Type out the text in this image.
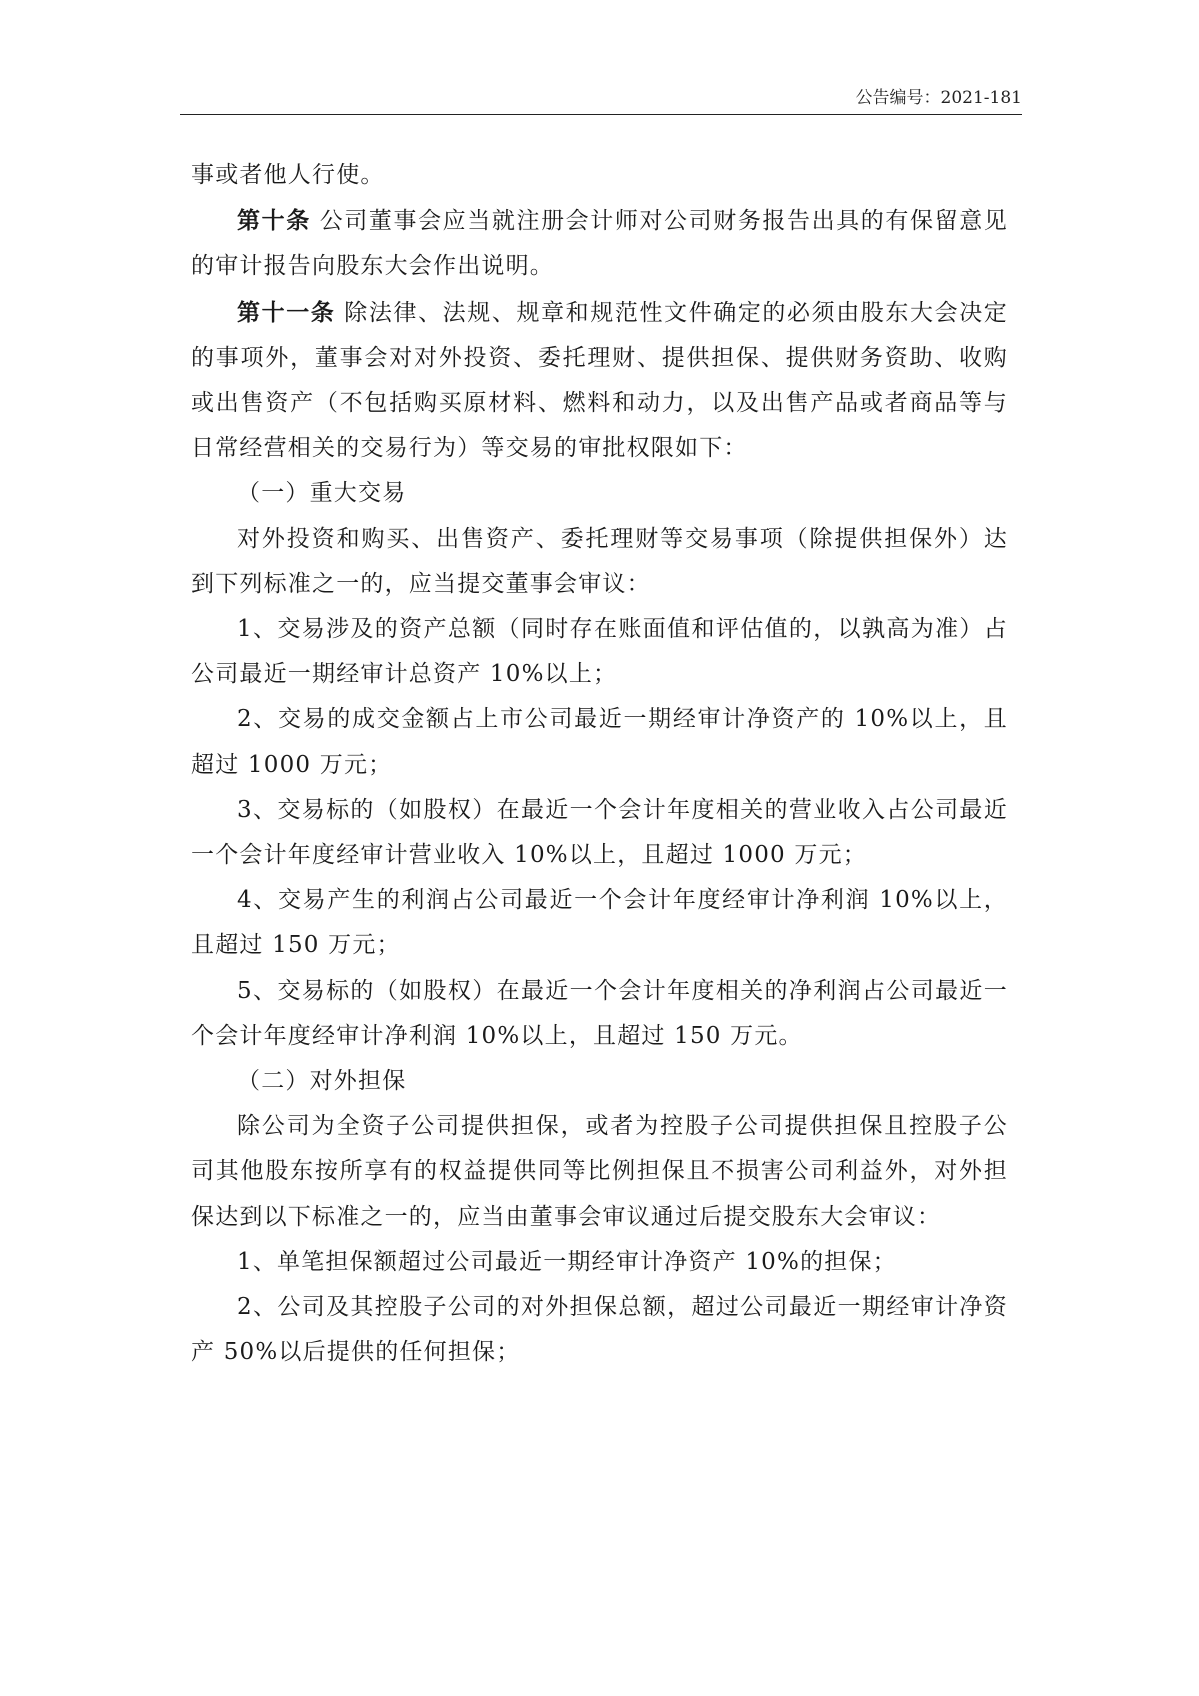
公告编号：2021-181

事或者他人行使。

第十条 公司董事会应当就注册会计师对公司财务报告出具的有保留意见的审计报告向股东大会作出说明。

第十一条 除法律、法规、规章和规范性文件确定的必须由股东大会决定的事项外，董事会对对外投资、委托理财、提供担保、提供财务资助、收购或出售资产（不包括购买原材料、燃料和动力，以及出售产品或者商品等与日常经营相关的交易行为）等交易的审批权限如下：

（一）重大交易

对外投资和购买、出售资产、委托理财等交易事项（除提供担保外）达到下列标准之一的，应当提交董事会审议：

1、交易涉及的资产总额（同时存在账面值和评估值的，以孰高为准）占公司最近一期经审计总资产 10%以上；

2、交易的成交金额占上市公司最近一期经审计净资产的 10%以上，且超过 1000 万元；

3、交易标的（如股权）在最近一个会计年度相关的营业收入占公司最近一个会计年度经审计营业收入 10%以上，且超过 1000 万元；

4、交易产生的利润占公司最近一个会计年度经审计净利润 10%以上，且超过 150 万元；

5、交易标的（如股权）在最近一个会计年度相关的净利润占公司最近一个会计年度经审计净利润 10%以上，且超过 150 万元。

（二）对外担保

除公司为全资子公司提供担保，或者为控股子公司提供担保且控股子公司其他股东按所享有的权益提供同等比例担保且不损害公司利益外，对外担保达到以下标准之一的，应当由董事会审议通过后提交股东大会审议：

1、单笔担保额超过公司最近一期经审计净资产 10%的担保；

2、公司及其控股子公司的对外担保总额，超过公司最近一期经审计净资产 50%以后提供的任何担保；
